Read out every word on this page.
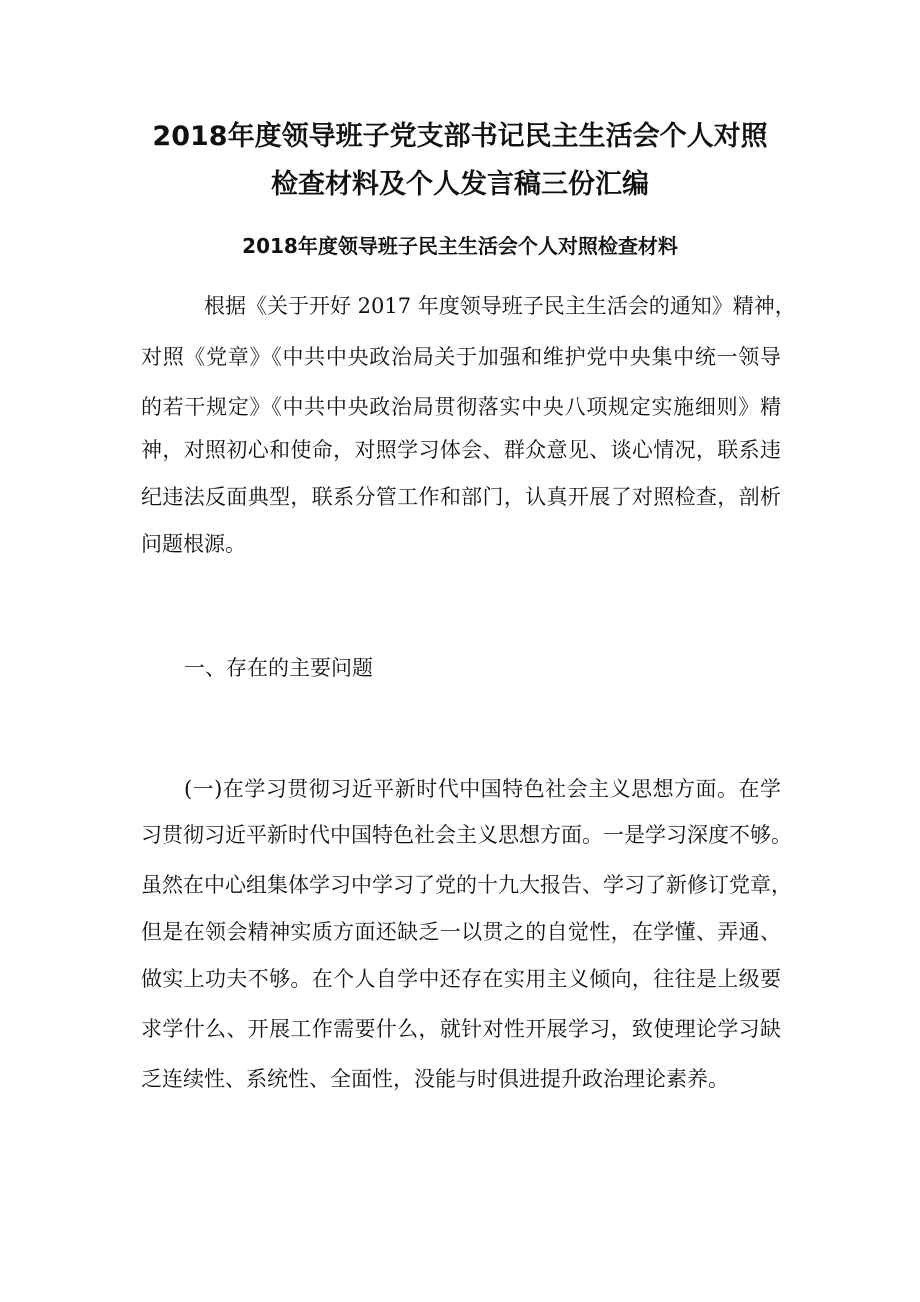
2018年度领导班子党支部书记民主生活会个人对照
检查材料及个人发言稿三份汇编
2018年度领导班子民主生活会个人对照检查材料
根据《关于开好 2017 年度领导班子民主生活会的通知》精神，
对照《党章》《中共中央政治局关于加强和维护党中央集中统一领导
的若干规定》《中共中央政治局贯彻落实中央八项规定实施细则》精
神，对照初心和使命，对照学习体会、群众意见、谈心情况，联系违
纪违法反面典型，联系分管工作和部门，认真开展了对照检查，剖析
问题根源。
一、存在的主要问题
(一)在学习贯彻习近平新时代中国特色社会主义思想方面。在学
习贯彻习近平新时代中国特色社会主义思想方面。一是学习深度不够。
虽然在中心组集体学习中学习了党的十九大报告、学习了新修订党章，
但是在领会精神实质方面还缺乏一以贯之的自觉性，在学懂、弄通、
做实上功夫不够。在个人自学中还存在实用主义倾向，往往是上级要
求学什么、开展工作需要什么，就针对性开展学习，致使理论学习缺
乏连续性、系统性、全面性，没能与时俱进提升政治理论素养。
